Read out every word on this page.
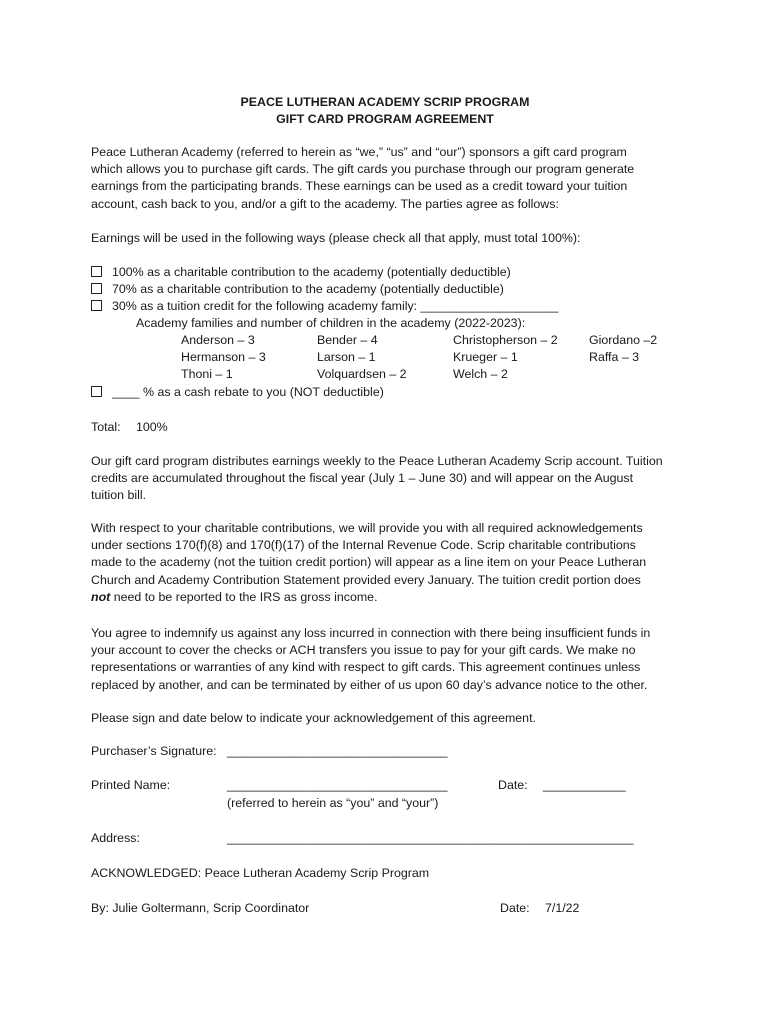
PEACE LUTHERAN ACADEMY SCRIP PROGRAM
GIFT CARD PROGRAM AGREEMENT

Peace Lutheran Academy (referred to herein as “we,” “us” and “our”) sponsors a gift card program

which allows you to purchase gift cards. The gift cards you purchase through our program generate

earnings from the participating brands. These earnings can be used as a credit toward your tuition

account, cash back to you, and/or a gift to the academy. The parties agree as follows:

Earnings will be used in the following ways (please check all that apply, must total 100%):
100% as a charitable contribution to the academy (potentially deductible)
70% as a charitable contribution to the academy (potentially deductible)
30% as a tuition credit for the following academy family: ____________________
Academy families and number of children in the academy (2022-2023):
Anderson – 3	Bender – 4	Christopherson – 2	Giordano –2
Hermanson – 3	Larson – 1	Krueger – 1	Raffa – 3
Thoni – 1	Volquardsen – 2	Welch – 2
____ % as a cash rebate to you (NOT deductible)
Total: 100%

Our gift card program distributes earnings weekly to the Peace Lutheran Academy Scrip account. Tuition

credits are accumulated throughout the fiscal year (July 1 – June 30) and will appear on the August

tuition bill.

With respect to your charitable contributions, we will provide you with all required acknowledgements

under sections 170(f)(8) and 170(f)(17) of the Internal Revenue Code. Scrip charitable contributions

made to the academy (not the tuition credit portion) will appear as a line item on your Peace Lutheran

Church and Academy Contribution Statement provided every January. The tuition credit portion does

not need to be reported to the IRS as gross income.

You agree to indemnify us against any loss incurred in connection with there being insufficient funds in

your account to cover the checks or ACH transfers you issue to pay for your gift cards. We make no

representations or warranties of any kind with respect to gift cards. This agreement continues unless

replaced by another, and can be terminated by either of us upon 60 day’s advance notice to the other.

Please sign and date below to indicate your acknowledgement of this agreement.
Purchaser’s Signature: ________________________________
Printed Name:	________________________________	Date: ____________
(referred to herein as “you” and “your”)
Address:	___________________________________________________________
ACKNOWLEDGED: Peace Lutheran Academy Scrip Program
By: Julie Goltermann, Scrip Coordinator	Date: 7/1/22
